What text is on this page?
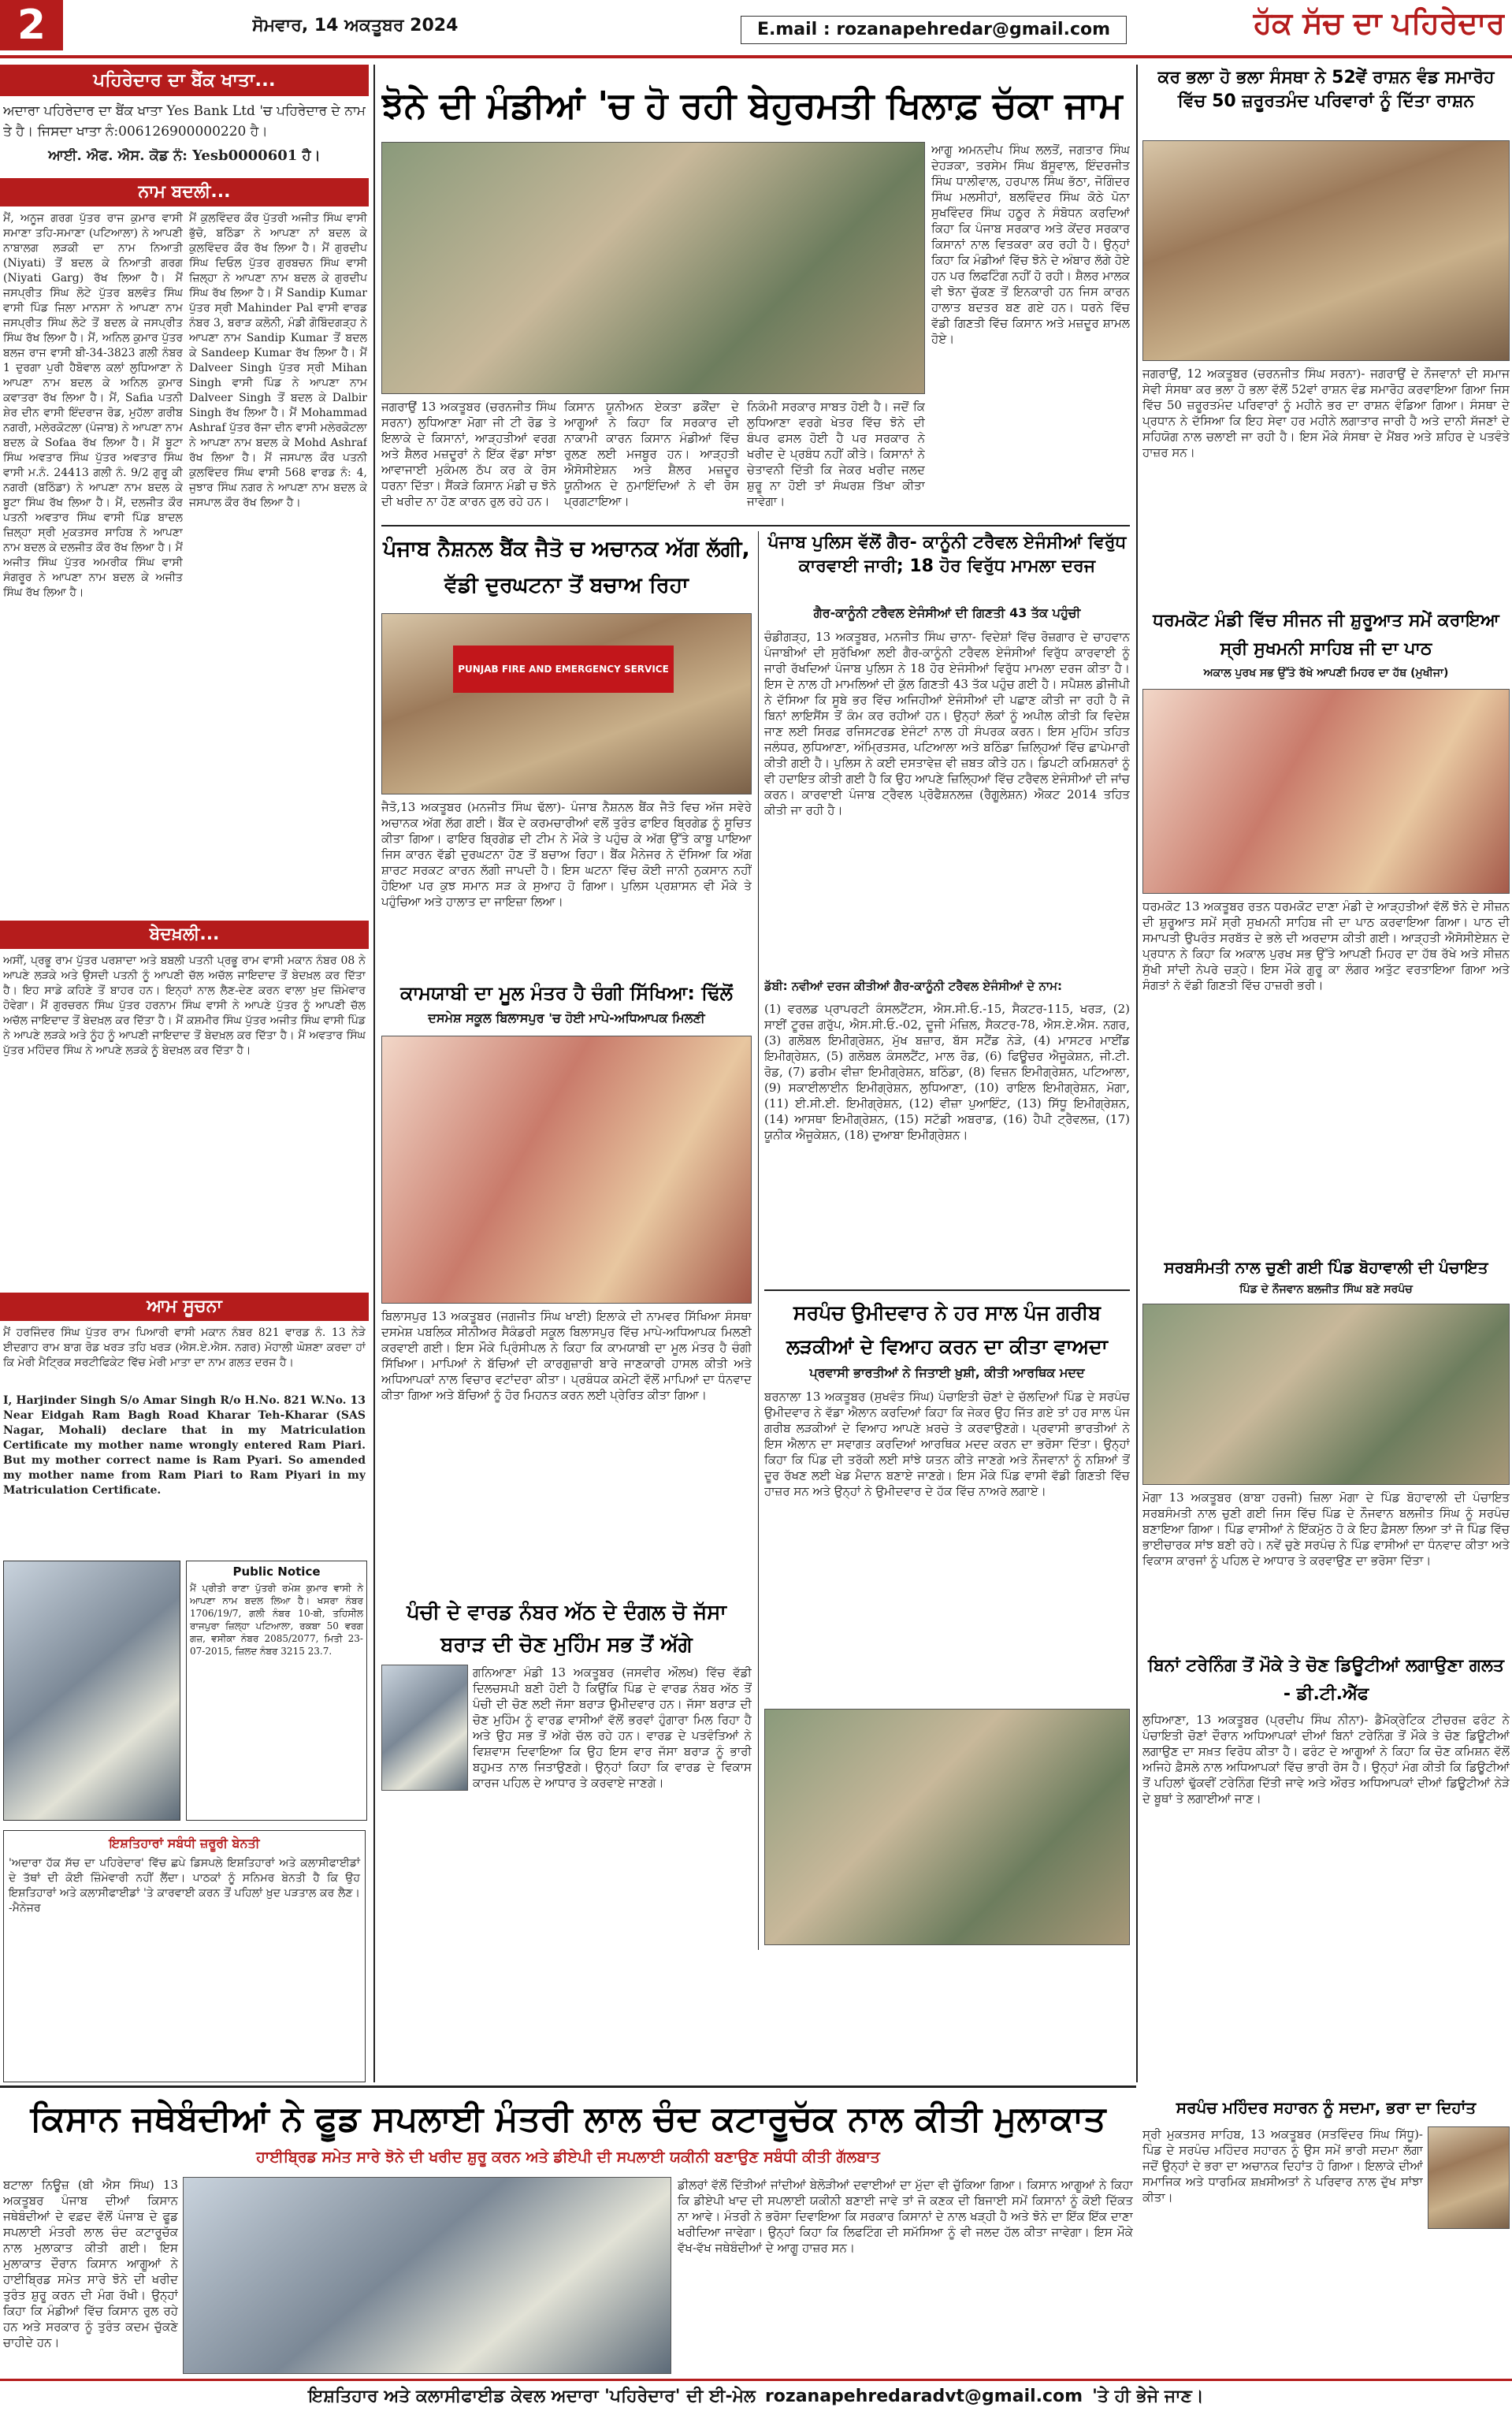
2	ਸੋਮਵਾਰ, 14 ਅਕਤੂਬਰ 2024	E.mail : rozanapehredar@gmail.com	ਹੱਕ ਸੱਚ ਦਾ ਪਹਿਰੇਦਾਰ
ਪਹਿਰੇਦਾਰ ਦਾ ਬੈਂਕ ਖਾਤਾ...
ਅਦਾਰਾ ਪਹਿਰੇਦਾਰ ਦਾ ਬੈਂਕ ਖਾਤਾ Yes Bank Ltd 'ਚ ਪਹਿਰੇਦਾਰ ਦੇ ਨਾਮ ਤੇ ਹੈ। ਜਿਸਦਾ ਖਾਤਾ ਨੰ:006126900000220 ਹੈ।
ਆਈ. ਐਫ. ਐਸ. ਕੋਡ ਨੰ: Yesb0000601 ਹੈ।
ਨਾਮ ਬਦਲੀ...
ਮੈਂ, ਅਨੂਜ ਗਰਗ ਪੁੱਤਰ ਰਾਜ ਕੁਮਾਰ ਵਾਸੀ ਸਮਾਣਾ ਤਹਿ-ਸਮਾਣਾ (ਪਟਿਆਲਾ) ਨੇ ਆਪਣੀ ਨਾਬਾਲਗ ਲੜਕੀ ਦਾ ਨਾਮ ਨਿਆਤੀ (Niyati) ਤੋਂ ਬਦਲ ਕੇ ਨਿਆਤੀ ਗਰਗ (Niyati Garg) ਰੱਖ ਲਿਆ ਹੈ। ਮੈਂ ਜਸਪ੍ਰੀਤ ਸਿੰਘ ਲੋਟੇ ਪੁੱਤਰ ਬਲਵੰਤ ਸਿੰਘ ਵਾਸੀ ਪਿੰਡ ਜਿਲਾ ਮਾਨਸਾ ਨੇ ਆਪਣਾ ਨਾਮ ਜਸਪ੍ਰੀਤ ਸਿੰਘ ਲੋਟੇ ਤੋਂ ਬਦਲ ਕੇ ਜਸਪ੍ਰੀਤ ਸਿੰਘ ਰੱਖ ਲਿਆ ਹੈ। ਮੈਂ, ਅਨਿਲ ਕੁਮਾਰ ਪੁੱਤਰ ਬਲਜ ਰਾਜ ਵਾਸੀ ਬੀ-34-3823 ਗਲੀ ਨੰਬਰ 1 ਦੁਰਗਾ ਪੁਰੀ ਹੈਬੋਵਾਲ ਕਲਾਂ ਲੁਧਿਆਣਾ ਨੇ ਆਪਣਾ ਨਾਮ ਬਦਲ ਕੇ ਅਨਿਲ ਕੁਮਾਰ ਕਵਾਤਰਾ ਰੱਖ ਲਿਆ ਹੈ। ਮੈਂ, Safia ਪਤਨੀ ਸ਼ੇਰ ਦੀਨ ਵਾਸੀ ਇੰਦਰਾਜ ਰੋਡ, ਮੁਹੱਲਾ ਗਰੀਬ ਨਗਰੀ, ਮਲੇਰਕੋਟਲਾ (ਪੰਜਾਬ) ਨੇ ਆਪਣਾ ਨਾਮ ਬਦਲ ਕੇ Sofaa ਰੱਖ ਲਿਆ ਹੈ। ਮੈਂ ਬੂਟਾ ਸਿੰਘ ਅਵਤਾਰ ਸਿੰਘ ਪੁੱਤਰ ਅਵਤਾਰ ਸਿੰਘ ਵਾਸੀ ਮ.ਨੰ. 24413 ਗਲੀ ਨੰ. 9/2 ਗੁਰੂ ਕੀ ਨਗਰੀ (ਬਠਿੰਡਾ) ਨੇ ਆਪਣਾ ਨਾਮ ਬਦਲ ਕੇ ਬੂਟਾ ਸਿੰਘ ਰੱਖ ਲਿਆ ਹੈ। ਮੈਂ, ਦਲਜੀਤ ਕੌਰ ਪਤਨੀ ਅਵਤਾਰ ਸਿੰਘ ਵਾਸੀ ਪਿੰਡ ਬਾਦਲ ਜ਼ਿਲ੍ਹਾ ਸ੍ਰੀ ਮੁਕਤਸਰ ਸਾਹਿਬ ਨੇ ਆਪਣਾ ਨਾਮ ਬਦਲ ਕੇ ਦਲਜੀਤ ਕੌਰ ਰੱਖ ਲਿਆ ਹੈ। ਮੈਂ ਅਜੀਤ ਸਿੰਘ ਪੁੱਤਰ ਅਮਰੀਕ ਸਿੰਘ ਵਾਸੀ ਸੰਗਰੂਰ ਨੇ ਆਪਣਾ ਨਾਮ ਬਦਲ ਕੇ ਅਜੀਤ ਸਿੰਘ ਰੱਖ ਲਿਆ ਹੈ।
ਮੈਂ ਕੁਲਵਿੰਦਰ ਕੌਰ ਪੁੱਤਰੀ ਅਜੀਤ ਸਿੰਘ ਵਾਸੀ ਭੁੱਚੋ, ਬਠਿੰਡਾ ਨੇ ਆਪਣਾ ਨਾਂ ਬਦਲ ਕੇ ਕੁਲਵਿੰਦਰ ਕੌਰ ਰੱਖ ਲਿਆ ਹੈ। ਮੈਂ ਗੁਰਦੀਪ ਸਿੰਘ ਦਿਓਲ ਪੁੱਤਰ ਗੁਰਬਚਨ ਸਿੰਘ ਵਾਸੀ ਜ਼ਿਲ੍ਹਾ ਨੇ ਆਪਣਾ ਨਾਮ ਬਦਲ ਕੇ ਗੁਰਦੀਪ ਸਿੰਘ ਰੱਖ ਲਿਆ ਹੈ। ਮੈਂ Sandip Kumar ਪੁੱਤਰ ਸ੍ਰੀ Mahinder Pal ਵਾਸੀ ਵਾਰਡ ਨੰਬਰ 3, ਬਰਾੜ ਕਲੋਨੀ, ਮੰਡੀ ਗੋਬਿੰਦਗੜ੍ਹ ਨੇ ਆਪਣਾ ਨਾਮ Sandip Kumar ਤੋਂ ਬਦਲ ਕੇ Sandeep Kumar ਰੱਖ ਲਿਆ ਹੈ। ਮੈਂ Dalveer Singh ਪੁੱਤਰ ਸ੍ਰੀ Mihan Singh ਵਾਸੀ ਪਿੰਡ ਨੇ ਆਪਣਾ ਨਾਮ Dalveer Singh ਤੋਂ ਬਦਲ ਕੇ Dalbir Singh ਰੱਖ ਲਿਆ ਹੈ। ਮੈਂ Mohammad Ashraf ਪੁੱਤਰ ਰੱਜਾ ਦੀਨ ਵਾਸੀ ਮਲੇਰਕੋਟਲਾ ਨੇ ਆਪਣਾ ਨਾਮ ਬਦਲ ਕੇ Mohd Ashraf ਰੱਖ ਲਿਆ ਹੈ। ਮੈਂ ਜਸਪਾਲ ਕੌਰ ਪਤਨੀ ਕੁਲਵਿੰਦਰ ਸਿੰਘ ਵਾਸੀ 568 ਵਾਰਡ ਨੰ: 4, ਜੁਝਾਰ ਸਿੰਘ ਨਗਰ ਨੇ ਆਪਣਾ ਨਾਮ ਬਦਲ ਕੇ ਜਸਪਾਲ ਕੌਰ ਰੱਖ ਲਿਆ ਹੈ।
ਬੇਦਖ਼ਲੀ...
ਅਸੀਂ, ਪ੍ਰਭੂ ਰਾਮ ਪੁੱਤਰ ਪਰਸ਼ਾਦਾ ਅਤੇ ਬਬਲੀ ਪਤਨੀ ਪ੍ਰਭੂ ਰਾਮ ਵਾਸੀ ਮਕਾਨ ਨੰਬਰ 08 ਨੇ ਆਪਣੇ ਲੜਕੇ ਅਤੇ ਉਸਦੀ ਪਤਨੀ ਨੂੰ ਆਪਣੀ ਚੱਲ ਅਚੱਲ ਜਾਇਦਾਦ ਤੋਂ ਬੇਦਖ਼ਲ ਕਰ ਦਿੱਤਾ ਹੈ। ਇਹ ਸਾਡੇ ਕਹਿਣੇ ਤੋਂ ਬਾਹਰ ਹਨ। ਇਨ੍ਹਾਂ ਨਾਲ ਲੈਣ-ਦੇਣ ਕਰਨ ਵਾਲਾ ਖ਼ੁਦ ਜ਼ਿੰਮੇਵਾਰ ਹੋਵੇਗਾ। ਮੈਂ ਗੁਰਚਰਨ ਸਿੰਘ ਪੁੱਤਰ ਹਰਨਾਮ ਸਿੰਘ ਵਾਸੀ ਨੇ ਆਪਣੇ ਪੁੱਤਰ ਨੂੰ ਆਪਣੀ ਚੱਲ ਅਚੱਲ ਜਾਇਦਾਦ ਤੋਂ ਬੇਦਖ਼ਲ ਕਰ ਦਿੱਤਾ ਹੈ। ਮੈਂ ਕਸ਼ਮੀਰ ਸਿੰਘ ਪੁੱਤਰ ਅਜੀਤ ਸਿੰਘ ਵਾਸੀ ਪਿੰਡ ਨੇ ਆਪਣੇ ਲੜਕੇ ਅਤੇ ਨੂੰਹ ਨੂੰ ਆਪਣੀ ਜਾਇਦਾਦ ਤੋਂ ਬੇਦਖ਼ਲ ਕਰ ਦਿੱਤਾ ਹੈ। ਮੈਂ ਅਵਤਾਰ ਸਿੰਘ ਪੁੱਤਰ ਮਹਿੰਦਰ ਸਿੰਘ ਨੇ ਆਪਣੇ ਲੜਕੇ ਨੂੰ ਬੇਦਖ਼ਲ ਕਰ ਦਿੱਤਾ ਹੈ।
ਆਮ ਸੂਚਨਾ
ਮੈਂ ਹਰਜਿੰਦਰ ਸਿੰਘ ਪੁੱਤਰ ਰਾਮ ਪਿਆਰੀ ਵਾਸੀ ਮਕਾਨ ਨੰਬਰ 821 ਵਾਰਡ ਨੰ. 13 ਨੇੜੇ ਈਦਗਾਹ ਰਾਮ ਬਾਗ ਰੋਡ ਖਰੜ ਤਹਿ ਖਰੜ (ਐਸ.ਏ.ਐਸ. ਨਗਰ) ਮੋਹਾਲੀ ਘੋਸ਼ਣਾ ਕਰਦਾ ਹਾਂ ਕਿ ਮੇਰੀ ਮੈਟ੍ਰਿਕ ਸਰਟੀਫਿਕੇਟ ਵਿੱਚ ਮੇਰੀ ਮਾਤਾ ਦਾ ਨਾਮ ਗਲਤ ਦਰਜ ਹੈ।
I, Harjinder Singh S/o Amar Singh R/o H.No. 821 W.No. 13 Near Eidgah Ram Bagh Road Kharar Teh-Kharar (SAS Nagar, Mohali) declare that in my Matriculation Certificate my mother name wrongly entered Ram Piari. But my mother correct name is Ram Pyari. So amended my mother name from Ram Piari to Ram Piyari in my Matriculation Certificate.
Public Notice
ਮੈਂ ਪ੍ਰੀਤੀ ਰਾਣਾ ਪੁੱਤਰੀ ਰਮੇਸ਼ ਕੁਮਾਰ ਵਾਸੀ ਨੇ ਆਪਣਾ ਨਾਮ ਬਦਲ ਲਿਆ ਹੈ। ਖਸਰਾ ਨੰਬਰ 1706/19/7, ਗਲੀ ਨੰਬਰ 10-ਬੀ, ਤਹਿਸੀਲ ਰਾਜਪੁਰਾ ਜ਼ਿਲ੍ਹਾ ਪਟਿਆਲਾ, ਰਕਬਾ 50 ਵਰਗ ਗਜ਼, ਵਸੀਕਾ ਨੰਬਰ 2085/2077, ਮਿਤੀ 23-07-2015, ਜ਼ਿਲਦ ਨੰਬਰ 3215 23.7.
ਇਸ਼ਤਿਹਾਰਾਂ ਸਬੰਧੀ ਜ਼ਰੂਰੀ ਬੇਨਤੀ
'ਅਦਾਰਾ ਹੱਕ ਸੱਚ ਦਾ ਪਹਿਰੇਦਾਰ' ਵਿੱਚ ਛਪੇ ਡਿਸਪਲੇ ਇਸ਼ਤਿਹਾਰਾਂ ਅਤੇ ਕਲਾਸੀਫਾਈਡਾਂ ਦੇ ਤੱਥਾਂ ਦੀ ਕੋਈ ਜ਼ਿੰਮੇਵਾਰੀ ਨਹੀਂ ਲੈਂਦਾ। ਪਾਠਕਾਂ ਨੂੰ ਸਨਿਮਰ ਬੇਨਤੀ ਹੈ ਕਿ ਉਹ ਇਸ਼ਤਿਹਾਰਾਂ ਅਤੇ ਕਲਾਸੀਫਾਈਡਾਂ 'ਤੇ ਕਾਰਵਾਈ ਕਰਨ ਤੋਂ ਪਹਿਲਾਂ ਖ਼ੁਦ ਪੜਤਾਲ ਕਰ ਲੈਣ। -ਮੈਨੇਜਰ
ਝੋਨੇ ਦੀ ਮੰਡੀਆਂ 'ਚ ਹੋ ਰਹੀ ਬੇਹੁਰਮਤੀ ਖਿਲਾਫ਼ ਚੱਕਾ ਜਾਮ
ਆਗੂ ਅਮਨਦੀਪ ਸਿੰਘ ਲਲਤੋਂ, ਜਗਤਾਰ ਸਿੰਘ ਦੇਹੜਕਾ, ਤਰਸੇਮ ਸਿੰਘ ਬੱਸੂਵਾਲ, ਇੰਦਰਜੀਤ ਸਿੰਘ ਧਾਲੀਵਾਲ, ਹਰਪਾਲ ਸਿੰਘ ਭੱਠਾ, ਜੋਗਿੰਦਰ ਸਿੰਘ ਮਲਸੀਹਾਂ, ਬਲਵਿੰਦਰ ਸਿੰਘ ਕੋਠੇ ਪੋਨਾ ਸੁਖਵਿੰਦਰ ਸਿੰਘ ਹਠੂਰ ਨੇ ਸੰਬੋਧਨ ਕਰਦਿਆਂ ਕਿਹਾ ਕਿ ਪੰਜਾਬ ਸਰਕਾਰ ਅਤੇ ਕੇਂਦਰ ਸਰਕਾਰ ਕਿਸਾਨਾਂ ਨਾਲ ਵਿਤਕਰਾ ਕਰ ਰਹੀ ਹੈ। ਉਨ੍ਹਾਂ ਕਿਹਾ ਕਿ ਮੰਡੀਆਂ ਵਿੱਚ ਝੋਨੇ ਦੇ ਅੰਬਾਰ ਲੱਗੇ ਹੋਏ ਹਨ ਪਰ ਲਿਫਟਿੰਗ ਨਹੀਂ ਹੋ ਰਹੀ। ਸ਼ੈਲਰ ਮਾਲਕ ਵੀ ਝੋਨਾ ਚੁੱਕਣ ਤੋਂ ਇਨਕਾਰੀ ਹਨ ਜਿਸ ਕਾਰਨ ਹਾਲਾਤ ਬਦਤਰ ਬਣ ਗਏ ਹਨ। ਧਰਨੇ ਵਿੱਚ ਵੱਡੀ ਗਿਣਤੀ ਵਿੱਚ ਕਿਸਾਨ ਅਤੇ ਮਜ਼ਦੂਰ ਸ਼ਾਮਲ ਹੋਏ।
ਜਗਰਾਉਂ 13 ਅਕਤੂਬਰ (ਚਰਨਜੀਤ ਸਿੰਘ ਸਰਨਾ) ਲੁਧਿਆਣਾ ਮੋਗਾ ਜੀ ਟੀ ਰੋਡ ਤੇ ਇਲਾਕੇ ਦੇ ਕਿਸਾਨਾਂ, ਆੜ੍ਹਤੀਆਂ ਵਰਗ ਅਤੇ ਸ਼ੈਲਰ ਮਜ਼ਦੂਰਾਂ ਨੇ ਇੱਕ ਵੱਡਾ ਸਾਂਝਾ ਆਵਾਜਾਈ ਮੁਕੰਮਲ ਠੱਪ ਕਰ ਕੇ ਰੋਸ ਧਰਨਾ ਦਿੱਤਾ। ਸੈਂਕੜੇ ਕਿਸਾਨ ਮੰਡੀ ਚ ਝੋਨੇ ਦੀ ਖਰੀਦ ਨਾ ਹੋਣ ਕਾਰਨ ਰੁਲ ਰਹੇ ਹਨ।
ਕਿਸਾਨ ਯੂਨੀਅਨ ਏਕਤਾ ਡਕੌਂਦਾ ਦੇ ਆਗੂਆਂ ਨੇ ਕਿਹਾ ਕਿ ਸਰਕਾਰ ਦੀ ਨਾਕਾਮੀ ਕਾਰਨ ਕਿਸਾਨ ਮੰਡੀਆਂ ਵਿੱਚ ਰੁਲਣ ਲਈ ਮਜਬੂਰ ਹਨ। ਆੜ੍ਹਤੀ ਐਸੋਸੀਏਸ਼ਨ ਅਤੇ ਸ਼ੈਲਰ ਮਜ਼ਦੂਰ ਯੂਨੀਅਨ ਦੇ ਨੁਮਾਇੰਦਿਆਂ ਨੇ ਵੀ ਰੋਸ ਪ੍ਰਗਟਾਇਆ।
ਨਿਕੰਮੀ ਸਰਕਾਰ ਸਾਬਤ ਹੋਈ ਹੈ। ਜਦੋਂ ਕਿ ਲੁਧਿਆਣਾ ਵਰਗੇ ਖੇਤਰ ਵਿੱਚ ਝੋਨੇ ਦੀ ਬੰਪਰ ਫਸਲ ਹੋਈ ਹੈ ਪਰ ਸਰਕਾਰ ਨੇ ਖਰੀਦ ਦੇ ਪ੍ਰਬੰਧ ਨਹੀਂ ਕੀਤੇ। ਕਿਸਾਨਾਂ ਨੇ ਚੇਤਾਵਨੀ ਦਿੱਤੀ ਕਿ ਜੇਕਰ ਖਰੀਦ ਜਲਦ ਸ਼ੁਰੂ ਨਾ ਹੋਈ ਤਾਂ ਸੰਘਰਸ਼ ਤਿੱਖਾ ਕੀਤਾ ਜਾਵੇਗਾ।
ਪੰਜਾਬ ਨੈਸ਼ਨਲ ਬੈਂਕ ਜੈਤੋ ਚ ਅਚਾਨਕ ਅੱਗ ਲੱਗੀ, ਵੱਡੀ ਦੁਰਘਟਨਾ ਤੋਂ ਬਚਾਅ ਰਿਹਾ
PUNJAB FIRE AND EMERGENCY SERVICE
ਜੈਤੋ,13 ਅਕਤੂਬਰ (ਮਨਜੀਤ ਸਿੰਘ ਢੱਲਾ)- ਪੰਜਾਬ ਨੈਸ਼ਨਲ ਬੈਂਕ ਜੈਤੋ ਵਿਚ ਅੱਜ ਸਵੇਰੇ ਅਚਾਨਕ ਅੱਗ ਲੱਗ ਗਈ। ਬੈਂਕ ਦੇ ਕਰਮਚਾਰੀਆਂ ਵਲੋਂ ਤੁਰੰਤ ਫਾਇਰ ਬ੍ਰਿਗੇਡ ਨੂੰ ਸੂਚਿਤ ਕੀਤਾ ਗਿਆ। ਫਾਇਰ ਬ੍ਰਿਗੇਡ ਦੀ ਟੀਮ ਨੇ ਮੌਕੇ ਤੇ ਪਹੁੰਚ ਕੇ ਅੱਗ ਉੱਤੇ ਕਾਬੂ ਪਾਇਆ ਜਿਸ ਕਾਰਨ ਵੱਡੀ ਦੁਰਘਟਨਾ ਹੋਣ ਤੋਂ ਬਚਾਅ ਰਿਹਾ। ਬੈਂਕ ਮੈਨੇਜਰ ਨੇ ਦੱਸਿਆ ਕਿ ਅੱਗ ਸ਼ਾਰਟ ਸਰਕਟ ਕਾਰਨ ਲੱਗੀ ਜਾਪਦੀ ਹੈ। ਇਸ ਘਟਨਾ ਵਿੱਚ ਕੋਈ ਜਾਨੀ ਨੁਕਸਾਨ ਨਹੀਂ ਹੋਇਆ ਪਰ ਕੁਝ ਸਮਾਨ ਸੜ ਕੇ ਸੁਆਹ ਹੋ ਗਿਆ। ਪੁਲਿਸ ਪ੍ਰਸ਼ਾਸਨ ਵੀ ਮੌਕੇ ਤੇ ਪਹੁੰਚਿਆ ਅਤੇ ਹਾਲਾਤ ਦਾ ਜਾਇਜ਼ਾ ਲਿਆ।
ਕਾਮਯਾਬੀ ਦਾ ਮੂਲ ਮੰਤਰ ਹੈ ਚੰਗੀ ਸਿੱਖਿਆ: ਢਿੱਲੋਂ
ਦਸਮੇਸ਼ ਸਕੂਲ ਬਿਲਾਸਪੁਰ 'ਚ ਹੋਈ ਮਾਪੇ-ਅਧਿਆਪਕ ਮਿਲਣੀ
ਬਿਲਾਸਪੁਰ 13 ਅਕਤੂਬਰ (ਜਗਜੀਤ ਸਿੰਘ ਖਾਈ) ਇਲਾਕੇ ਦੀ ਨਾਮਵਰ ਸਿੱਖਿਆ ਸੰਸਥਾ ਦਸਮੇਸ਼ ਪਬਲਿਕ ਸੀਨੀਅਰ ਸੈਕੰਡਰੀ ਸਕੂਲ ਬਿਲਾਸਪੁਰ ਵਿੱਚ ਮਾਪੇ-ਅਧਿਆਪਕ ਮਿਲਣੀ ਕਰਵਾਈ ਗਈ। ਇਸ ਮੌਕੇ ਪ੍ਰਿੰਸੀਪਲ ਨੇ ਕਿਹਾ ਕਿ ਕਾਮਯਾਬੀ ਦਾ ਮੂਲ ਮੰਤਰ ਹੈ ਚੰਗੀ ਸਿੱਖਿਆ। ਮਾਪਿਆਂ ਨੇ ਬੱਚਿਆਂ ਦੀ ਕਾਰਗੁਜ਼ਾਰੀ ਬਾਰੇ ਜਾਣਕਾਰੀ ਹਾਸਲ ਕੀਤੀ ਅਤੇ ਅਧਿਆਪਕਾਂ ਨਾਲ ਵਿਚਾਰ ਵਟਾਂਦਰਾ ਕੀਤਾ। ਪ੍ਰਬੰਧਕ ਕਮੇਟੀ ਵੱਲੋਂ ਮਾਪਿਆਂ ਦਾ ਧੰਨਵਾਦ ਕੀਤਾ ਗਿਆ ਅਤੇ ਬੱਚਿਆਂ ਨੂੰ ਹੋਰ ਮਿਹਨਤ ਕਰਨ ਲਈ ਪ੍ਰੇਰਿਤ ਕੀਤਾ ਗਿਆ।
ਪੰਚੀ ਦੇ ਵਾਰਡ ਨੰਬਰ ਅੱਠ ਦੇ ਦੰਗਲ ਚੋ ਜੱਸਾ ਬਰਾੜ ਦੀ ਚੋਣ ਮੁਹਿੰਮ ਸਭ ਤੋਂ ਅੱਗੇ
ਗਨਿਆਣਾ ਮੰਡੀ 13 ਅਕਤੂਬਰ (ਜਸਵੀਰ ਔਲਖ) ਵਿੱਚ ਵੱਡੀ ਦਿਲਚਸਪੀ ਬਣੀ ਹੋਈ ਹੈ ਕਿਉਂਕਿ ਪਿੰਡ ਦੇ ਵਾਰਡ ਨੰਬਰ ਅੱਠ ਤੋਂ ਪੰਚੀ ਦੀ ਚੋਣ ਲਈ ਜੱਸਾ ਬਰਾੜ ਉਮੀਦਵਾਰ ਹਨ। ਜੱਸਾ ਬਰਾੜ ਦੀ ਚੋਣ ਮੁਹਿੰਮ ਨੂੰ ਵਾਰਡ ਵਾਸੀਆਂ ਵੱਲੋਂ ਭਰਵਾਂ ਹੁੰਗਾਰਾ ਮਿਲ ਰਿਹਾ ਹੈ ਅਤੇ ਉਹ ਸਭ ਤੋਂ ਅੱਗੇ ਚੱਲ ਰਹੇ ਹਨ। ਵਾਰਡ ਦੇ ਪਤਵੰਤਿਆਂ ਨੇ ਵਿਸ਼ਵਾਸ ਦਿਵਾਇਆ ਕਿ ਉਹ ਇਸ ਵਾਰ ਜੱਸਾ ਬਰਾੜ ਨੂੰ ਭਾਰੀ ਬਹੁਮਤ ਨਾਲ ਜਿਤਾਉਣਗੇ। ਉਨ੍ਹਾਂ ਕਿਹਾ ਕਿ ਵਾਰਡ ਦੇ ਵਿਕਾਸ ਕਾਰਜ ਪਹਿਲ ਦੇ ਆਧਾਰ ਤੇ ਕਰਵਾਏ ਜਾਣਗੇ।
ਪੰਜਾਬ ਪੁਲਿਸ ਵੱਲੋਂ ਗੈਰ- ਕਾਨੂੰਨੀ ਟਰੈਵਲ ਏਜੰਸੀਆਂ ਵਿਰੁੱਧ ਕਾਰਵਾਈ ਜਾਰੀ; 18 ਹੋਰ ਵਿਰੁੱਧ ਮਾਮਲਾ ਦਰਜ
ਗੈਰ-ਕਾਨੂੰਨੀ ਟਰੈਵਲ ਏਜੰਸੀਆਂ ਦੀ ਗਿਣਤੀ 43 ਤੱਕ ਪਹੁੰਚੀ
ਚੰਡੀਗੜ੍ਹ, 13 ਅਕਤੂਬਰ, ਮਨਜੀਤ ਸਿੰਘ ਚਾਨਾ- ਵਿਦੇਸ਼ਾਂ ਵਿੱਚ ਰੋਜ਼ਗਾਰ ਦੇ ਚਾਹਵਾਨ ਪੰਜਾਬੀਆਂ ਦੀ ਸੁਰੱਖਿਆ ਲਈ ਗੈਰ-ਕਾਨੂੰਨੀ ਟਰੈਵਲ ਏਜੰਸੀਆਂ ਵਿਰੁੱਧ ਕਾਰਵਾਈ ਨੂੰ ਜਾਰੀ ਰੱਖਦਿਆਂ ਪੰਜਾਬ ਪੁਲਿਸ ਨੇ 18 ਹੋਰ ਏਜੰਸੀਆਂ ਵਿਰੁੱਧ ਮਾਮਲਾ ਦਰਜ ਕੀਤਾ ਹੈ। ਇਸ ਦੇ ਨਾਲ ਹੀ ਮਾਮਲਿਆਂ ਦੀ ਕੁੱਲ ਗਿਣਤੀ 43 ਤੱਕ ਪਹੁੰਚ ਗਈ ਹੈ। ਸਪੈਸ਼ਲ ਡੀਜੀਪੀ ਨੇ ਦੱਸਿਆ ਕਿ ਸੂਬੇ ਭਰ ਵਿੱਚ ਅਜਿਹੀਆਂ ਏਜੰਸੀਆਂ ਦੀ ਪਛਾਣ ਕੀਤੀ ਜਾ ਰਹੀ ਹੈ ਜੋ ਬਿਨਾਂ ਲਾਇਸੈਂਸ ਤੋਂ ਕੰਮ ਕਰ ਰਹੀਆਂ ਹਨ। ਉਨ੍ਹਾਂ ਲੋਕਾਂ ਨੂੰ ਅਪੀਲ ਕੀਤੀ ਕਿ ਵਿਦੇਸ਼ ਜਾਣ ਲਈ ਸਿਰਫ਼ ਰਜਿਸਟਰਡ ਏਜੰਟਾਂ ਨਾਲ ਹੀ ਸੰਪਰਕ ਕਰਨ। ਇਸ ਮੁਹਿੰਮ ਤਹਿਤ ਜਲੰਧਰ, ਲੁਧਿਆਣਾ, ਅੰਮ੍ਰਿਤਸਰ, ਪਟਿਆਲਾ ਅਤੇ ਬਠਿੰਡਾ ਜ਼ਿਲ੍ਹਿਆਂ ਵਿੱਚ ਛਾਪੇਮਾਰੀ ਕੀਤੀ ਗਈ ਹੈ। ਪੁਲਿਸ ਨੇ ਕਈ ਦਸਤਾਵੇਜ਼ ਵੀ ਜ਼ਬਤ ਕੀਤੇ ਹਨ। ਡਿਪਟੀ ਕਮਿਸ਼ਨਰਾਂ ਨੂੰ ਵੀ ਹਦਾਇਤ ਕੀਤੀ ਗਈ ਹੈ ਕਿ ਉਹ ਆਪਣੇ ਜ਼ਿਲ੍ਹਿਆਂ ਵਿੱਚ ਟਰੈਵਲ ਏਜੰਸੀਆਂ ਦੀ ਜਾਂਚ ਕਰਨ। ਕਾਰਵਾਈ ਪੰਜਾਬ ਟ੍ਰੈਵਲ ਪ੍ਰੋਫੈਸ਼ਨਲਜ਼ (ਰੈਗੂਲੇਸ਼ਨ) ਐਕਟ 2014 ਤਹਿਤ ਕੀਤੀ ਜਾ ਰਹੀ ਹੈ।
ਡੱਬੀ: ਨਵੀਆਂ ਦਰਜ ਕੀਤੀਆਂ ਗੈਰ-ਕਾਨੂੰਨੀ ਟਰੈਵਲ ਏਜੰਸੀਆਂ ਦੇ ਨਾਮ:
(1) ਵਰਲਡ ਪ੍ਰਾਪਰਟੀ ਕੰਸਲਟੈਂਟਸ, ਐਸ.ਸੀ.ਓ.-15, ਸੈਕਟਰ-115, ਖਰੜ, (2) ਸਾਈਂ ਟੂਰਜ਼ ਗਰੁੱਪ, ਐਸ.ਸੀ.ਓ.-02, ਦੂਜੀ ਮੰਜ਼ਿਲ, ਸੈਕਟਰ-78, ਐਸ.ਏ.ਐਸ. ਨਗਰ, (3) ਗਲੋਬਲ ਇਮੀਗ੍ਰੇਸ਼ਨ, ਮੁੱਖ ਬਜ਼ਾਰ, ਬੱਸ ਸਟੈਂਡ ਨੇੜੇ, (4) ਮਾਸਟਰ ਮਾਈਂਡ ਇਮੀਗ੍ਰੇਸ਼ਨ, (5) ਗਲੋਬਲ ਕੰਸਲਟੈਂਟ, ਮਾਲ ਰੋਡ, (6) ਫਿਊਚਰ ਐਜੂਕੇਸ਼ਨ, ਜੀ.ਟੀ. ਰੋਡ, (7) ਡਰੀਮ ਵੀਜ਼ਾ ਇਮੀਗ੍ਰੇਸ਼ਨ, ਬਠਿੰਡਾ, (8) ਵਿਜ਼ਨ ਇਮੀਗ੍ਰੇਸ਼ਨ, ਪਟਿਆਲਾ, (9) ਸਕਾਈਲਾਈਨ ਇਮੀਗ੍ਰੇਸ਼ਨ, ਲੁਧਿਆਣਾ, (10) ਰਾਇਲ ਇਮੀਗ੍ਰੇਸ਼ਨ, ਮੋਗਾ, (11) ਈ.ਸੀ.ਈ. ਇਮੀਗ੍ਰੇਸ਼ਨ, (12) ਵੀਜ਼ਾ ਪੁਆਇੰਟ, (13) ਸਿੱਧੂ ਇਮੀਗ੍ਰੇਸ਼ਨ, (14) ਆਸਥਾ ਇਮੀਗ੍ਰੇਸ਼ਨ, (15) ਸਟੱਡੀ ਅਬਰਾਡ, (16) ਹੈਪੀ ਟ੍ਰੈਵਲਜ਼, (17) ਯੂਨੀਕ ਐਜੂਕੇਸ਼ਨ, (18) ਦੁਆਬਾ ਇਮੀਗ੍ਰੇਸ਼ਨ।
ਸਰਪੰਚ ਉਮੀਦਵਾਰ ਨੇ ਹਰ ਸਾਲ ਪੰਜ ਗਰੀਬ ਲੜਕੀਆਂ ਦੇ ਵਿਆਹ ਕਰਨ ਦਾ ਕੀਤਾ ਵਾਅਦਾ
ਪ੍ਰਵਾਸੀ ਭਾਰਤੀਆਂ ਨੇ ਜਿਤਾਈ ਖ਼ੁਸ਼ੀ, ਕੀਤੀ ਆਰਥਿਕ ਮਦਦ
ਬਰਨਾਲਾ 13 ਅਕਤੂਬਰ (ਸੁਖਵੰਤ ਸਿੰਘ) ਪੰਚਾਇਤੀ ਚੋਣਾਂ ਦੇ ਚੱਲਦਿਆਂ ਪਿੰਡ ਦੇ ਸਰਪੰਚ ਉਮੀਦਵਾਰ ਨੇ ਵੱਡਾ ਐਲਾਨ ਕਰਦਿਆਂ ਕਿਹਾ ਕਿ ਜੇਕਰ ਉਹ ਜਿੱਤ ਗਏ ਤਾਂ ਹਰ ਸਾਲ ਪੰਜ ਗਰੀਬ ਲੜਕੀਆਂ ਦੇ ਵਿਆਹ ਆਪਣੇ ਖ਼ਰਚੇ ਤੇ ਕਰਵਾਉਣਗੇ। ਪ੍ਰਵਾਸੀ ਭਾਰਤੀਆਂ ਨੇ ਇਸ ਐਲਾਨ ਦਾ ਸਵਾਗਤ ਕਰਦਿਆਂ ਆਰਥਿਕ ਮਦਦ ਕਰਨ ਦਾ ਭਰੋਸਾ ਦਿੱਤਾ। ਉਨ੍ਹਾਂ ਕਿਹਾ ਕਿ ਪਿੰਡ ਦੀ ਤਰੱਕੀ ਲਈ ਸਾਂਝੇ ਯਤਨ ਕੀਤੇ ਜਾਣਗੇ ਅਤੇ ਨੌਜਵਾਨਾਂ ਨੂੰ ਨਸ਼ਿਆਂ ਤੋਂ ਦੂਰ ਰੱਖਣ ਲਈ ਖੇਡ ਮੈਦਾਨ ਬਣਾਏ ਜਾਣਗੇ। ਇਸ ਮੌਕੇ ਪਿੰਡ ਵਾਸੀ ਵੱਡੀ ਗਿਣਤੀ ਵਿੱਚ ਹਾਜ਼ਰ ਸਨ ਅਤੇ ਉਨ੍ਹਾਂ ਨੇ ਉਮੀਦਵਾਰ ਦੇ ਹੱਕ ਵਿੱਚ ਨਾਅਰੇ ਲਗਾਏ।
ਕਰ ਭਲਾ ਹੋ ਭਲਾ ਸੰਸਥਾ ਨੇ 52ਵੇਂ ਰਾਸ਼ਨ ਵੰਡ ਸਮਾਰੋਹ ਵਿੱਚ 50 ਜ਼ਰੂਰਤਮੰਦ ਪਰਿਵਾਰਾਂ ਨੂੰ ਦਿੱਤਾ ਰਾਸ਼ਨ
ਜਗਰਾਉਂ, 12 ਅਕਤੂਬਰ (ਚਰਨਜੀਤ ਸਿੰਘ ਸਰਨਾ)- ਜਗਰਾਉਂ ਦੇ ਨੌਜਵਾਨਾਂ ਦੀ ਸਮਾਜ ਸੇਵੀ ਸੰਸਥਾ ਕਰ ਭਲਾ ਹੋ ਭਲਾ ਵੱਲੋਂ 52ਵਾਂ ਰਾਸ਼ਨ ਵੰਡ ਸਮਾਰੋਹ ਕਰਵਾਇਆ ਗਿਆ ਜਿਸ ਵਿੱਚ 50 ਜ਼ਰੂਰਤਮੰਦ ਪਰਿਵਾਰਾਂ ਨੂੰ ਮਹੀਨੇ ਭਰ ਦਾ ਰਾਸ਼ਨ ਵੰਡਿਆ ਗਿਆ। ਸੰਸਥਾ ਦੇ ਪ੍ਰਧਾਨ ਨੇ ਦੱਸਿਆ ਕਿ ਇਹ ਸੇਵਾ ਹਰ ਮਹੀਨੇ ਲਗਾਤਾਰ ਜਾਰੀ ਹੈ ਅਤੇ ਦਾਨੀ ਸੱਜਣਾਂ ਦੇ ਸਹਿਯੋਗ ਨਾਲ ਚਲਾਈ ਜਾ ਰਹੀ ਹੈ। ਇਸ ਮੌਕੇ ਸੰਸਥਾ ਦੇ ਮੈਂਬਰ ਅਤੇ ਸ਼ਹਿਰ ਦੇ ਪਤਵੰਤੇ ਹਾਜ਼ਰ ਸਨ।
ਧਰਮਕੋਟ ਮੰਡੀ ਵਿੱਚ ਸੀਜਨ ਜੀ ਸ਼ੁਰੂਆਤ ਸਮੇਂ ਕਰਾਇਆ ਸ੍ਰੀ ਸੁਖਮਨੀ ਸਾਹਿਬ ਜੀ ਦਾ ਪਾਠ
ਅਕਾਲ ਪੁਰਖ ਸਭ ਉੱਤੇ ਰੱਖੇ ਆਪਣੀ ਮਿਹਰ ਦਾ ਹੱਥ (ਮੁਖੀਜਾ)
ਧਰਮਕੋਟ 13 ਅਕਤੂਬਰ ਰਤਨ ਧਰਮਕੋਟ ਦਾਣਾ ਮੰਡੀ ਦੇ ਆੜ੍ਹਤੀਆਂ ਵੱਲੋਂ ਝੋਨੇ ਦੇ ਸੀਜ਼ਨ ਦੀ ਸ਼ੁਰੂਆਤ ਸਮੇਂ ਸ੍ਰੀ ਸੁਖਮਨੀ ਸਾਹਿਬ ਜੀ ਦਾ ਪਾਠ ਕਰਵਾਇਆ ਗਿਆ। ਪਾਠ ਦੀ ਸਮਾਪਤੀ ਉਪਰੰਤ ਸਰਬੱਤ ਦੇ ਭਲੇ ਦੀ ਅਰਦਾਸ ਕੀਤੀ ਗਈ। ਆੜ੍ਹਤੀ ਐਸੋਸੀਏਸ਼ਨ ਦੇ ਪ੍ਰਧਾਨ ਨੇ ਕਿਹਾ ਕਿ ਅਕਾਲ ਪੁਰਖ ਸਭ ਉੱਤੇ ਆਪਣੀ ਮਿਹਰ ਦਾ ਹੱਥ ਰੱਖੇ ਅਤੇ ਸੀਜ਼ਨ ਸੁੱਖੀ ਸਾਂਦੀ ਨੇਪਰੇ ਚੜ੍ਹੇ। ਇਸ ਮੌਕੇ ਗੁਰੂ ਕਾ ਲੰਗਰ ਅਤੁੱਟ ਵਰਤਾਇਆ ਗਿਆ ਅਤੇ ਸੰਗਤਾਂ ਨੇ ਵੱਡੀ ਗਿਣਤੀ ਵਿੱਚ ਹਾਜ਼ਰੀ ਭਰੀ।
ਸਰਬਸੰਮਤੀ ਨਾਲ ਚੁਣੀ ਗਈ ਪਿੰਡ ਬੋਹਾਵਾਲੀ ਦੀ ਪੰਚਾਇਤ
ਪਿੰਡ ਦੇ ਨੌਜਵਾਨ ਬਲਜੀਤ ਸਿੰਘ ਬਣੇ ਸਰਪੰਚ
ਮੋਗਾ 13 ਅਕਤੂਬਰ (ਬਾਬਾ ਹਰਜੀ) ਜ਼ਿਲਾ ਮੋਗਾ ਦੇ ਪਿੰਡ ਬੋਹਾਵਾਲੀ ਦੀ ਪੰਚਾਇਤ ਸਰਬਸੰਮਤੀ ਨਾਲ ਚੁਣੀ ਗਈ ਜਿਸ ਵਿੱਚ ਪਿੰਡ ਦੇ ਨੌਜਵਾਨ ਬਲਜੀਤ ਸਿੰਘ ਨੂੰ ਸਰਪੰਚ ਬਣਾਇਆ ਗਿਆ। ਪਿੰਡ ਵਾਸੀਆਂ ਨੇ ਇੱਕਮੁੱਠ ਹੋ ਕੇ ਇਹ ਫ਼ੈਸਲਾ ਲਿਆ ਤਾਂ ਜੋ ਪਿੰਡ ਵਿੱਚ ਭਾਈਚਾਰਕ ਸਾਂਝ ਬਣੀ ਰਹੇ। ਨਵੇਂ ਚੁਣੇ ਸਰਪੰਚ ਨੇ ਪਿੰਡ ਵਾਸੀਆਂ ਦਾ ਧੰਨਵਾਦ ਕੀਤਾ ਅਤੇ ਵਿਕਾਸ ਕਾਰਜਾਂ ਨੂੰ ਪਹਿਲ ਦੇ ਆਧਾਰ ਤੇ ਕਰਵਾਉਣ ਦਾ ਭਰੋਸਾ ਦਿੱਤਾ।
ਬਿਨਾਂ ਟਰੇਨਿੰਗ ਤੋਂ ਮੌਕੇ ਤੇ ਚੋਣ ਡਿਊਟੀਆਂ ਲਗਾਉਣਾ ਗਲਤ - ਡੀ.ਟੀ.ਐੱਫ
ਲੁਧਿਆਣਾ, 13 ਅਕਤੂਬਰ (ਪ੍ਰਦੀਪ ਸਿੰਘ ਨੀਨਾ)- ਡੈਮੋਕ੍ਰੇਟਿਕ ਟੀਚਰਜ਼ ਫਰੰਟ ਨੇ ਪੰਚਾਇਤੀ ਚੋਣਾਂ ਦੌਰਾਨ ਅਧਿਆਪਕਾਂ ਦੀਆਂ ਬਿਨਾਂ ਟਰੇਨਿੰਗ ਤੋਂ ਮੌਕੇ ਤੇ ਚੋਣ ਡਿਊਟੀਆਂ ਲਗਾਉਣ ਦਾ ਸਖ਼ਤ ਵਿਰੋਧ ਕੀਤਾ ਹੈ। ਫਰੰਟ ਦੇ ਆਗੂਆਂ ਨੇ ਕਿਹਾ ਕਿ ਚੋਣ ਕਮਿਸ਼ਨ ਵੱਲੋਂ ਅਜਿਹੇ ਫ਼ੈਸਲੇ ਨਾਲ ਅਧਿਆਪਕਾਂ ਵਿੱਚ ਭਾਰੀ ਰੋਸ ਹੈ। ਉਨ੍ਹਾਂ ਮੰਗ ਕੀਤੀ ਕਿ ਡਿਊਟੀਆਂ ਤੋਂ ਪਹਿਲਾਂ ਢੁੱਕਵੀਂ ਟਰੇਨਿੰਗ ਦਿੱਤੀ ਜਾਵੇ ਅਤੇ ਔਰਤ ਅਧਿਆਪਕਾਂ ਦੀਆਂ ਡਿਊਟੀਆਂ ਨੇੜੇ ਦੇ ਬੂਥਾਂ ਤੇ ਲਗਾਈਆਂ ਜਾਣ।
ਕਿਸਾਨ ਜਥੇਬੰਦੀਆਂ ਨੇ ਫੂਡ ਸਪਲਾਈ ਮੰਤਰੀ ਲਾਲ ਚੰਦ ਕਟਾਰੂਚੱਕ ਨਾਲ ਕੀਤੀ ਮੁਲਾਕਾਤ
ਹਾਈਬ੍ਰਿਡ ਸਮੇਤ ਸਾਰੇ ਝੋਨੇ ਦੀ ਖਰੀਦ ਸ਼ੁਰੂ ਕਰਨ ਅਤੇ ਡੀਏਪੀ ਦੀ ਸਪਲਾਈ ਯਕੀਨੀ ਬਣਾਉਣ ਸਬੰਧੀ ਕੀਤੀ ਗੱਲਬਾਤ
ਬਟਾਲਾ ਨਿਊਜ਼ (ਬੀ ਐਸ ਸਿੰਘ) 13 ਅਕਤੂਬਰ ਪੰਜਾਬ ਦੀਆਂ ਕਿਸਾਨ ਜਥੇਬੰਦੀਆਂ ਦੇ ਵਫ਼ਦ ਵੱਲੋਂ ਪੰਜਾਬ ਦੇ ਫੂਡ ਸਪਲਾਈ ਮੰਤਰੀ ਲਾਲ ਚੰਦ ਕਟਾਰੂਚੱਕ ਨਾਲ ਮੁਲਾਕਾਤ ਕੀਤੀ ਗਈ। ਇਸ ਮੁਲਾਕਾਤ ਦੌਰਾਨ ਕਿਸਾਨ ਆਗੂਆਂ ਨੇ ਹਾਈਬ੍ਰਿਡ ਸਮੇਤ ਸਾਰੇ ਝੋਨੇ ਦੀ ਖਰੀਦ ਤੁਰੰਤ ਸ਼ੁਰੂ ਕਰਨ ਦੀ ਮੰਗ ਰੱਖੀ। ਉਨ੍ਹਾਂ ਕਿਹਾ ਕਿ ਮੰਡੀਆਂ ਵਿੱਚ ਕਿਸਾਨ ਰੁਲ ਰਹੇ ਹਨ ਅਤੇ ਸਰਕਾਰ ਨੂੰ ਤੁਰੰਤ ਕਦਮ ਚੁੱਕਣੇ ਚਾਹੀਦੇ ਹਨ।
ਡੀਲਰਾਂ ਵੱਲੋਂ ਦਿੱਤੀਆਂ ਜਾਂਦੀਆਂ ਬੇਲੋੜੀਆਂ ਦਵਾਈਆਂ ਦਾ ਮੁੱਦਾ ਵੀ ਚੁੱਕਿਆ ਗਿਆ। ਕਿਸਾਨ ਆਗੂਆਂ ਨੇ ਕਿਹਾ ਕਿ ਡੀਏਪੀ ਖਾਦ ਦੀ ਸਪਲਾਈ ਯਕੀਨੀ ਬਣਾਈ ਜਾਵੇ ਤਾਂ ਜੋ ਕਣਕ ਦੀ ਬਿਜਾਈ ਸਮੇਂ ਕਿਸਾਨਾਂ ਨੂੰ ਕੋਈ ਦਿੱਕਤ ਨਾ ਆਵੇ। ਮੰਤਰੀ ਨੇ ਭਰੋਸਾ ਦਿਵਾਇਆ ਕਿ ਸਰਕਾਰ ਕਿਸਾਨਾਂ ਦੇ ਨਾਲ ਖੜ੍ਹੀ ਹੈ ਅਤੇ ਝੋਨੇ ਦਾ ਇੱਕ ਇੱਕ ਦਾਣਾ ਖਰੀਦਿਆ ਜਾਵੇਗਾ। ਉਨ੍ਹਾਂ ਕਿਹਾ ਕਿ ਲਿਫਟਿੰਗ ਦੀ ਸਮੱਸਿਆ ਨੂੰ ਵੀ ਜਲਦ ਹੱਲ ਕੀਤਾ ਜਾਵੇਗਾ। ਇਸ ਮੌਕੇ ਵੱਖ-ਵੱਖ ਜਥੇਬੰਦੀਆਂ ਦੇ ਆਗੂ ਹਾਜ਼ਰ ਸਨ।
ਸਰਪੰਚ ਮਹਿੰਦਰ ਸਹਾਰਨ ਨੂੰ ਸਦਮਾ, ਭਰਾ ਦਾ ਦਿਹਾਂਤ
ਸ੍ਰੀ ਮੁਕਤਸਰ ਸਾਹਿਬ, 13 ਅਕਤੂਬਰ (ਸਤਵਿੰਦਰ ਸਿੰਘ ਸਿੱਧੂ)- ਪਿੰਡ ਦੇ ਸਰਪੰਚ ਮਹਿੰਦਰ ਸਹਾਰਨ ਨੂੰ ਉਸ ਸਮੇਂ ਭਾਰੀ ਸਦਮਾ ਲੱਗਾ ਜਦੋਂ ਉਨ੍ਹਾਂ ਦੇ ਭਰਾ ਦਾ ਅਚਾਨਕ ਦਿਹਾਂਤ ਹੋ ਗਿਆ। ਇਲਾਕੇ ਦੀਆਂ ਸਮਾਜਿਕ ਅਤੇ ਧਾਰਮਿਕ ਸ਼ਖ਼ਸੀਅਤਾਂ ਨੇ ਪਰਿਵਾਰ ਨਾਲ ਦੁੱਖ ਸਾਂਝਾ ਕੀਤਾ।
ਇਸ਼ਤਿਹਾਰ ਅਤੇ ਕਲਾਸੀਫਾਈਡ ਕੇਵਲ ਅਦਾਰਾ 'ਪਹਿਰੇਦਾਰ' ਦੀ ਈ-ਮੇਲ rozanapehredaradvt@gmail.com 'ਤੇ ਹੀ ਭੇਜੇ ਜਾਣ।
